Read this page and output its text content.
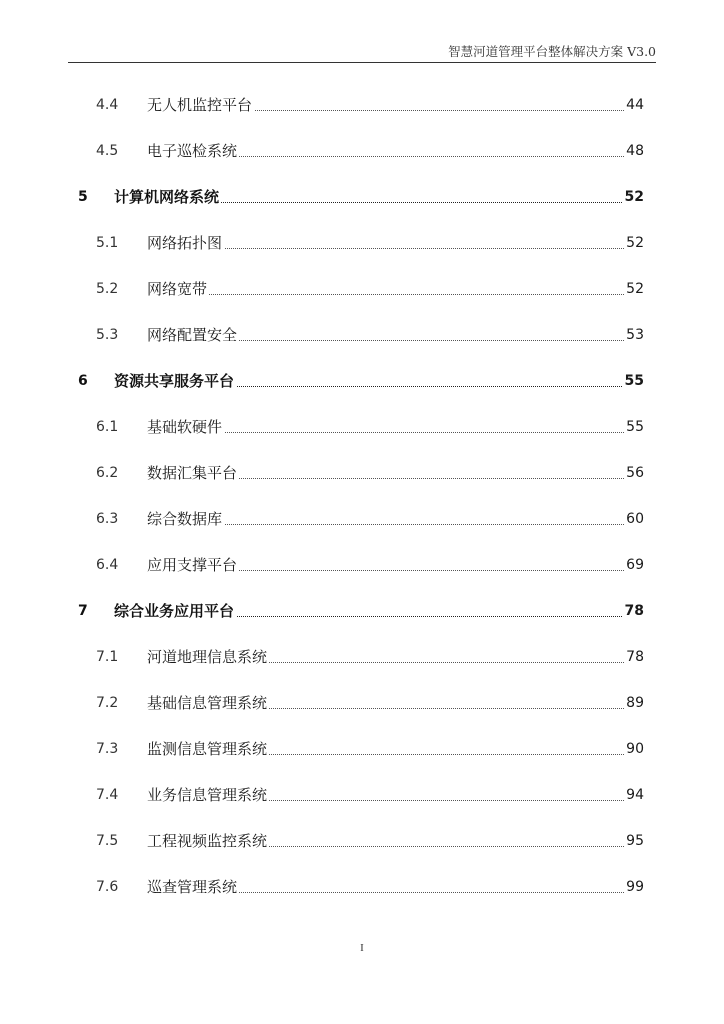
智慧河道管理平台整体解决方案 V3.0
4.4 无人机监控平台	44
4.5 电子巡检系统	48
5 计算机网络系统	52
5.1 网络拓扑图	52
5.2 网络宽带	52
5.3 网络配置安全	53
6 资源共享服务平台	55
6.1 基础软硬件	55
6.2 数据汇集平台	56
6.3 综合数据库	60
6.4 应用支撑平台	69
7 综合业务应用平台	78
7.1 河道地理信息系统	78
7.2 基础信息管理系统	89
7.3 监测信息管理系统	90
7.4 业务信息管理系统	94
7.5 工程视频监控系统	95
7.6 巡查管理系统	99
I
